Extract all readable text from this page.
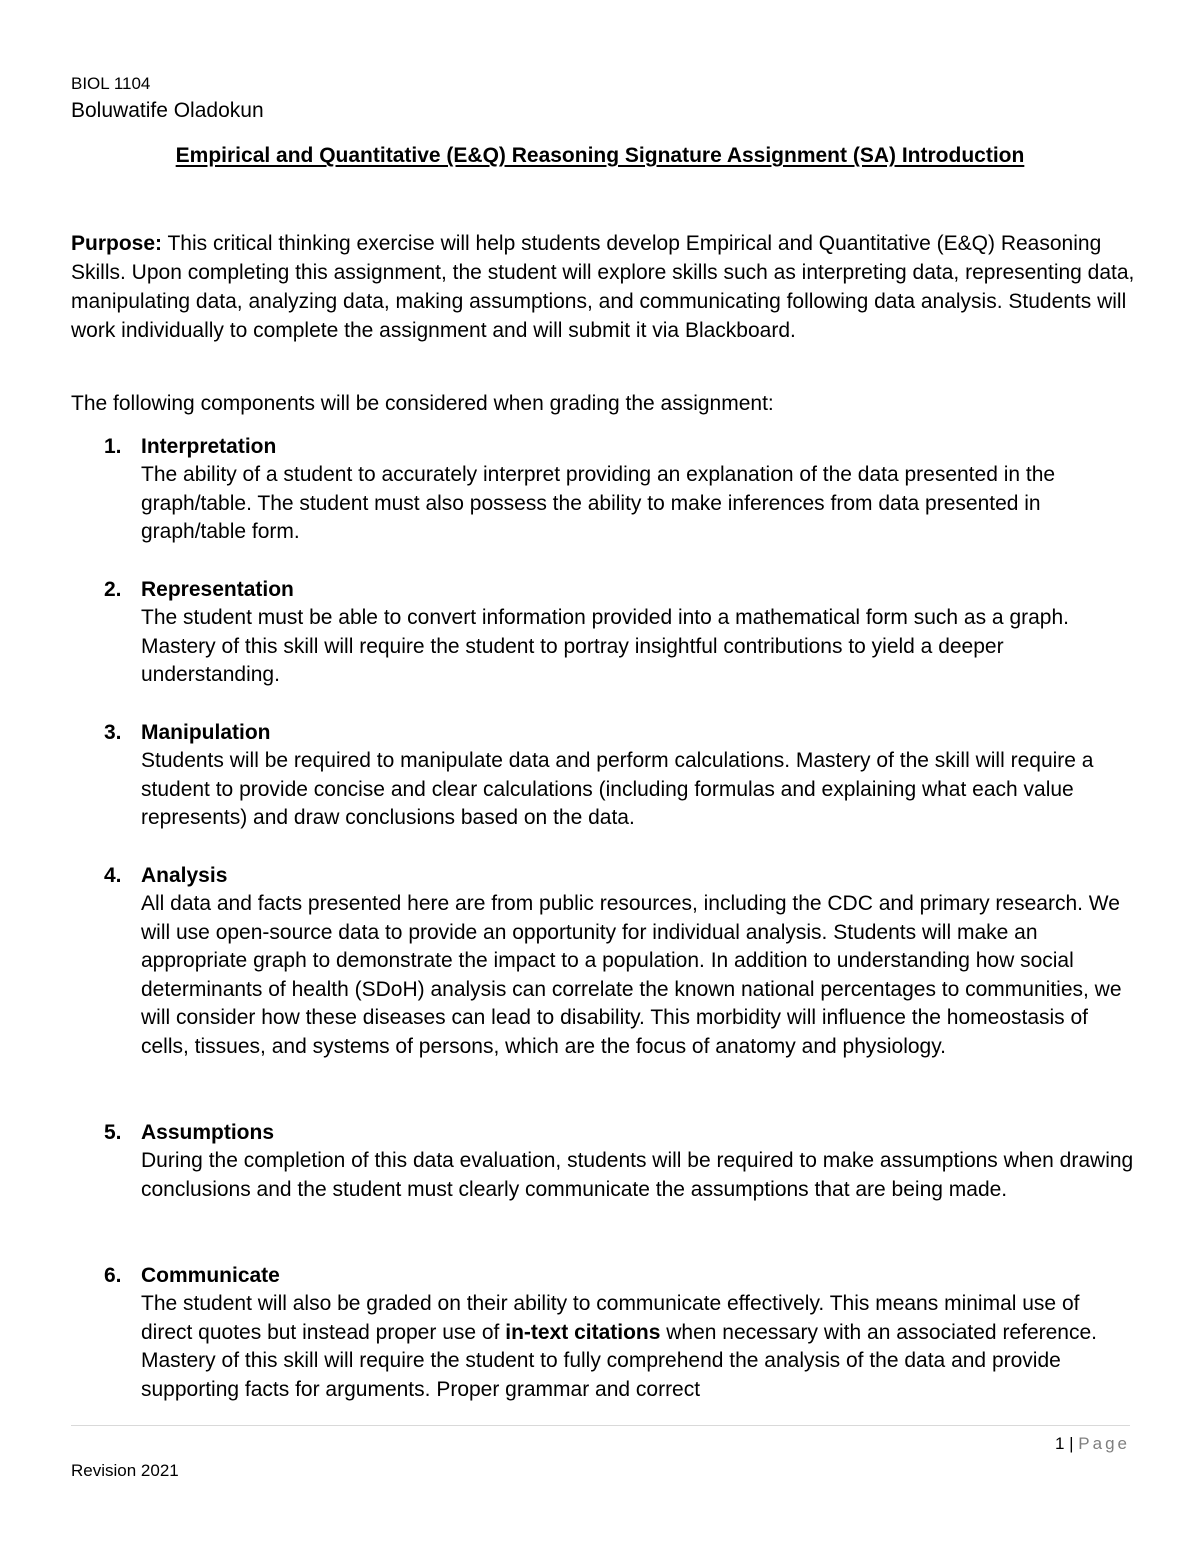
BIOL 1104
Boluwatife Oladokun
Empirical and Quantitative (E&Q) Reasoning Signature Assignment (SA) Introduction

Purpose: This critical thinking exercise will help students develop Empirical and Quantitative (E&Q) Reasoning Skills. Upon completing this assignment, the student will explore skills such as interpreting data, representing data, manipulating data, analyzing data, making assumptions, and communicating following data analysis. Students will work individually to complete the assignment and will submit it via Blackboard.

The following components will be considered when grading the assignment:

1. Interpretation

The ability of a student to accurately interpret providing an explanation of the data presented in the graph/table. The student must also possess the ability to make inferences from data presented in graph/table form.

2. Representation

The student must be able to convert information provided into a mathematical form such as a graph. Mastery of this skill will require the student to portray insightful contributions to yield a deeper understanding.

3. Manipulation

Students will be required to manipulate data and perform calculations. Mastery of the skill will require a student to provide concise and clear calculations (including formulas and explaining what each value represents) and draw conclusions based on the data.

4. Analysis

All data and facts presented here are from public resources, including the CDC and primary research. We will use open-source data to provide an opportunity for individual analysis. Students will make an appropriate graph to demonstrate the impact to a population. In addition to understanding how social determinants of health (SDoH) analysis can correlate the known national percentages to communities, we will consider how these diseases can lead to disability. This morbidity will influence the homeostasis of cells, tissues, and systems of persons, which are the focus of anatomy and physiology.

5. Assumptions

During the completion of this data evaluation, students will be required to make assumptions when drawing conclusions and the student must clearly communicate the assumptions that are being made.

6. Communicate

The student will also be graded on their ability to communicate effectively. This means minimal use of direct quotes but instead proper use of in-text citations when necessary with an associated reference. Mastery of this skill will require the student to fully comprehend the analysis of the data and provide supporting facts for arguments. Proper grammar and correct

1 | Page
Revision 2021
